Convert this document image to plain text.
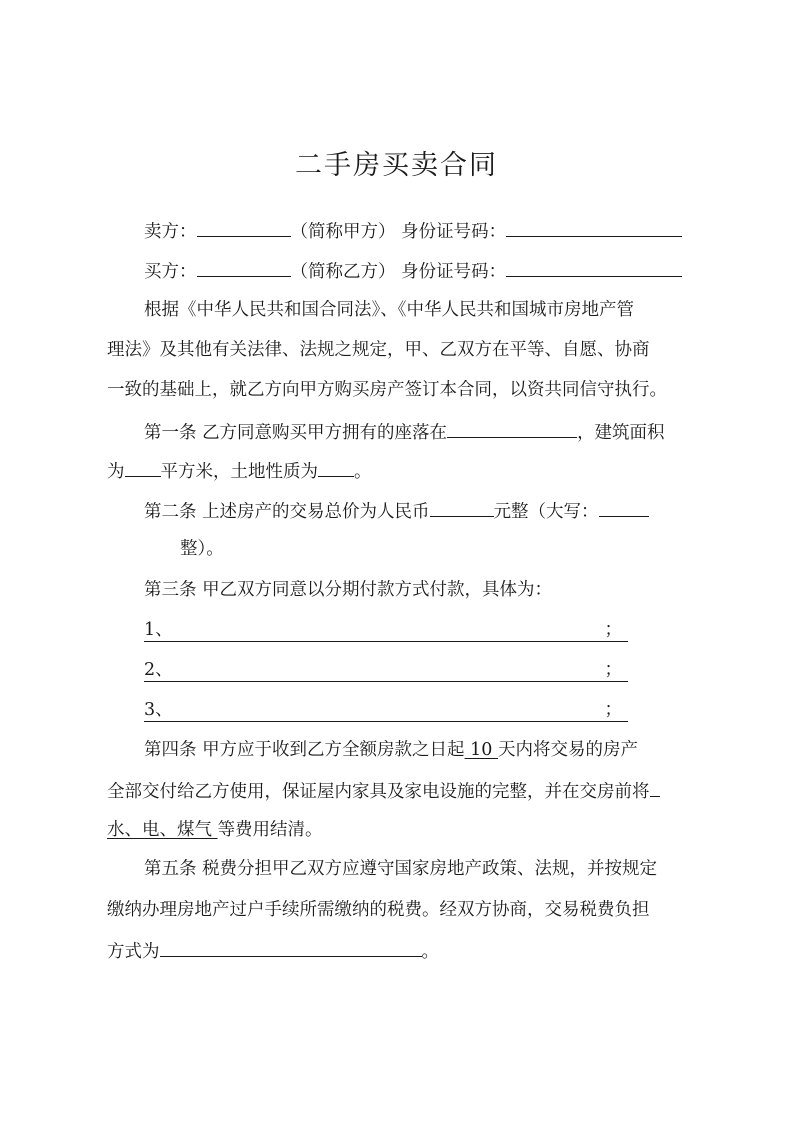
二手房买卖合同
卖方：	（简称甲方） 身份证号码：
买方：	（简称乙方） 身份证号码：
根据《中华人民共和国合同法》、《中华人民共和国城市房地产管
理法》及其他有关法律、法规之规定，甲、乙双方在平等、自愿、协商
一致的基础上，就乙方向甲方购买房产签订本合同，以资共同信守执行。
第一条 乙方同意购买甲方拥有的座落在	，建筑面积
为 平方米，土地性质为 。
第二条 上述房产的交易总价为人民币	元整（大写：
整）。
第三条 甲乙双方同意以分期付款方式付款，具体为：
1、	；
2、	；
3、	；
第四条 甲方应于收到乙方全额房款之日起 10 天内将交易的房产
全部交付给乙方使用，保证屋内家具及家电设施的完整，并在交房前将
水、电、煤气 等费用结清。
第五条 税费分担甲乙双方应遵守国家房地产政策、法规，并按规定
缴纳办理房地产过户手续所需缴纳的税费。经双方协商，交易税费负担
方式为	。
